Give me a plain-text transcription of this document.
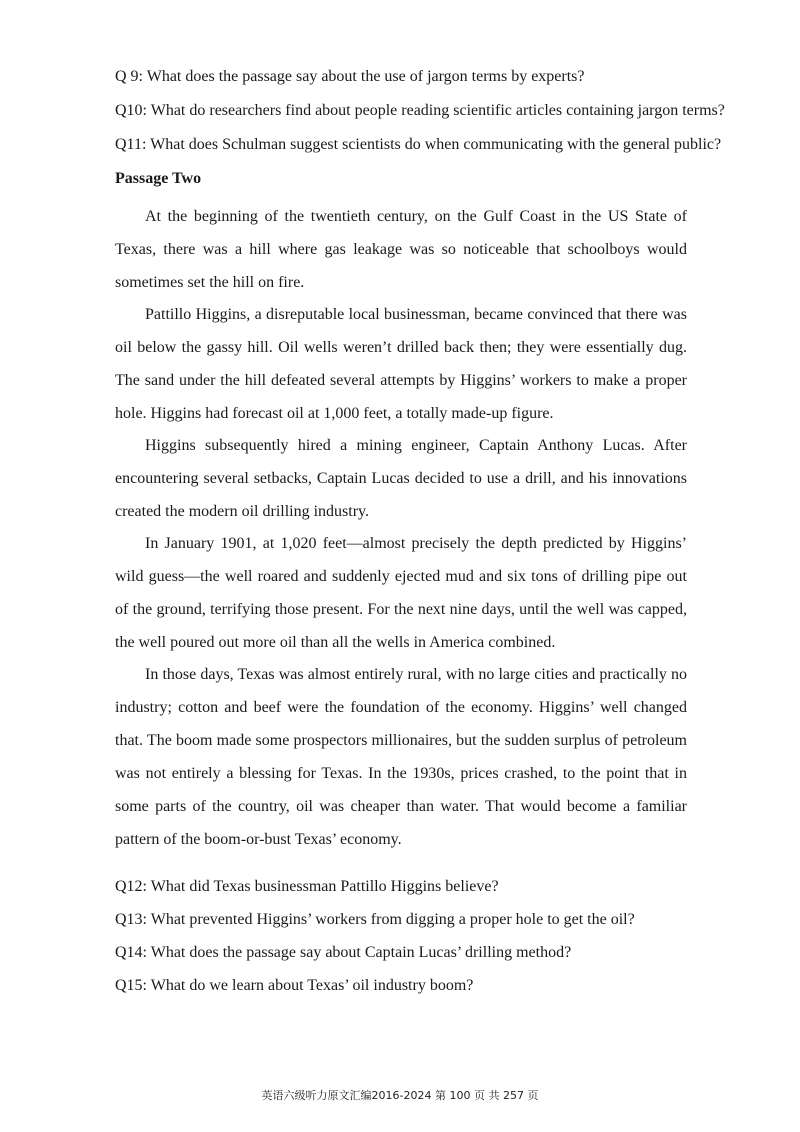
Q 9: What does the passage say about the use of jargon terms by experts?

Q10: What do researchers find about people reading scientific articles containing jargon terms?

Q11: What does Schulman suggest scientists do when communicating with the general public?

Passage Two

At the beginning of the twentieth century, on the Gulf Coast in the US State of Texas, there was a hill where gas leakage was so noticeable that schoolboys would sometimes set the hill on fire.

Pattillo Higgins, a disreputable local businessman, became convinced that there was oil below the gassy hill. Oil wells weren’t drilled back then; they were essentially dug. The sand under the hill defeated several attempts by Higgins’ workers to make a proper hole. Higgins had forecast oil at 1,000 feet, a totally made-up figure.

Higgins subsequently hired a mining engineer, Captain Anthony Lucas. After encountering several setbacks, Captain Lucas decided to use a drill, and his innovations created the modern oil drilling industry.

In January 1901, at 1,020 feet—almost precisely the depth predicted by Higgins’ wild guess—the well roared and suddenly ejected mud and six tons of drilling pipe out of the ground, terrifying those present. For the next nine days, until the well was capped, the well poured out more oil than all the wells in America combined.

In those days, Texas was almost entirely rural, with no large cities and practically no industry; cotton and beef were the foundation of the economy. Higgins’ well changed that. The boom made some prospectors millionaires, but the sudden surplus of petroleum was not entirely a blessing for Texas. In the 1930s, prices crashed, to the point that in some parts of the country, oil was cheaper than water. That would become a familiar pattern of the boom-or-bust Texas’ economy.

Q12: What did Texas businessman Pattillo Higgins believe?

Q13: What prevented Higgins’ workers from digging a proper hole to get the oil?

Q14: What does the passage say about Captain Lucas’ drilling method?

Q15: What do we learn about Texas’ oil industry boom?

英语六级听力原文汇编2016-2024 第 100 页 共 257 页
